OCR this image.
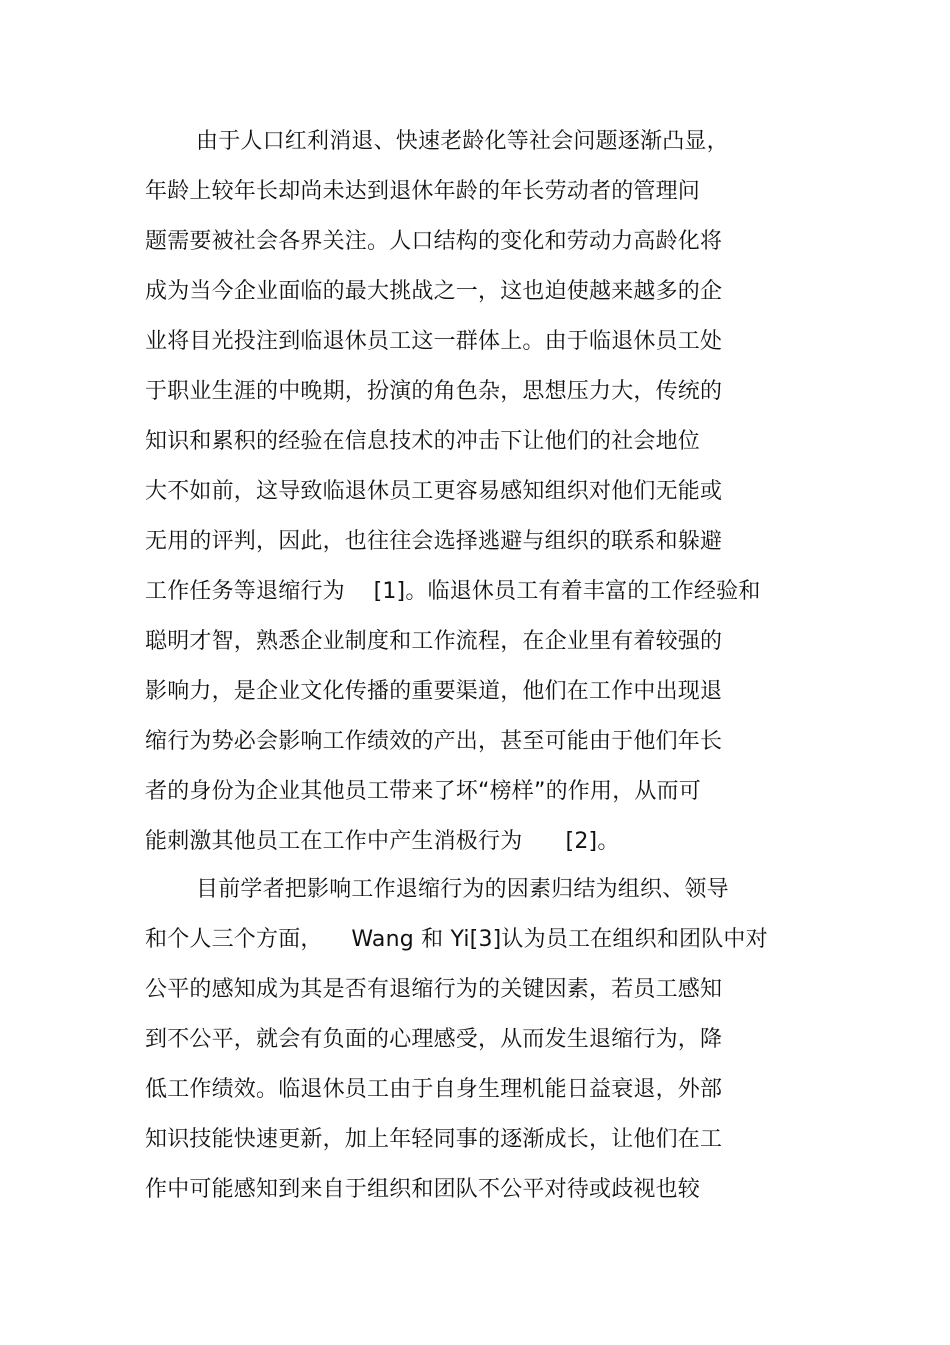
由于人口红利消退、快速老龄化等社会问题逐渐凸显，
年龄上较年长却尚未达到退休年龄的年长劳动者的管理问
题需要被社会各界关注。人口结构的变化和劳动力高龄化将
成为当今企业面临的最大挑战之一，这也迫使越来越多的企
业将目光投注到临退休员工这一群体上。由于临退休员工处
于职业生涯的中晚期，扮演的角色杂，思想压力大，传统的
知识和累积的经验在信息技术的冲击下让他们的社会地位
大不如前，这导致临退休员工更容易感知组织对他们无能或
无用的评判，因此，也往往会选择逃避与组织的联系和躲避
工作任务等退缩行为    [1]。临退休员工有着丰富的工作经验和
聪明才智，熟悉企业制度和工作流程，在企业里有着较强的
影响力，是企业文化传播的重要渠道，他们在工作中出现退
缩行为势必会影响工作绩效的产出，甚至可能由于他们年长
者的身份为企业其他员工带来了坏“榜样”的作用，从而可
能刺激其他员工在工作中产生消极行为      [2]。
目前学者把影响工作退缩行为的因素归结为组织、领导
和个人三个方面，    Wang 和 Yi[3]认为员工在组织和团队中对
公平的感知成为其是否有退缩行为的关键因素，若员工感知
到不公平，就会有负面的心理感受，从而发生退缩行为，降
低工作绩效。临退休员工由于自身生理机能日益衰退，外部
知识技能快速更新，加上年轻同事的逐渐成长，让他们在工
作中可能感知到来自于组织和团队不公平对待或歧视也较
